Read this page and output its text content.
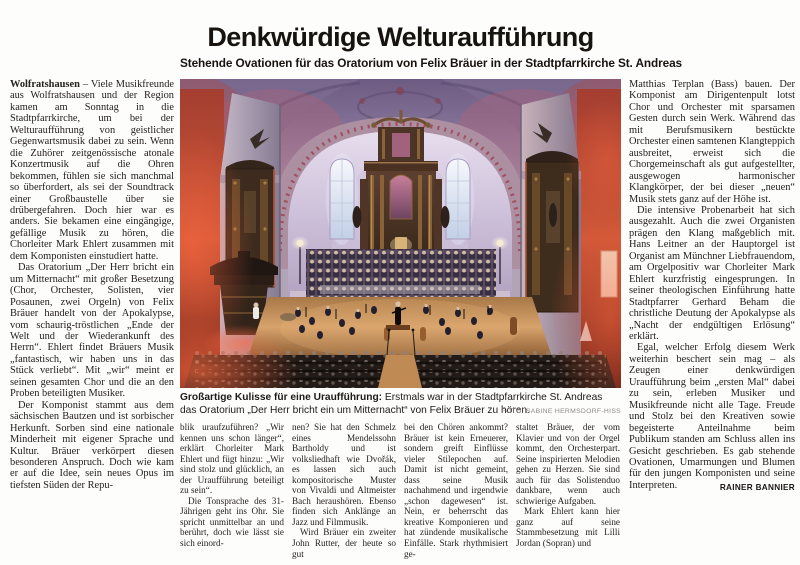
Denkwürdige Welturaufführung
Stehende Ovationen für das Oratorium von Felix Bräuer in der Stadtpfarrkirche St. Andreas

Wolfratshausen – Viele Musikfreunde aus Wolfratshausen und der Region kamen am Sonntag in die Stadtpfarrkirche, um bei der Welturaufführung von geistlicher Gegenwartsmusik dabei zu sein. Wenn die Zuhörer zeitgenössische atonale Konzertmusik auf die Ohren bekommen, fühlen sie sich manchmal so überfordert, als sei der Soundtrack einer Großbaustelle über sie drübergefahren. Doch hier war es anders. Sie bekamen eine eingängige, gefällige Musik zu hören, die Chorleiter Mark Ehlert zusammen mit dem Komponisten einstudiert hatte.

Das Oratorium „Der Herr bricht ein um Mitternacht“ mit großer Besetzung (Chor, Orchester, Solisten, vier Posaunen, zwei Orgeln) von Felix Bräuer handelt von der Apokalypse, vom schaurig-tröstlichen „Ende der Welt und der Wiederankunft des Herrn“. Ehlert findet Bräuers Musik „fantastisch, wir haben uns in das Stück verliebt“. Mit „wir“ meint er seinen gesamten Chor und die an den Proben beteiligten Musiker.

Der Komponist stammt aus dem sächsischen Bautzen und ist sorbischer Herkunft. Sorben sind eine nationale Minderheit mit eigener Sprache und Kultur. Bräuer verkörpert diesen besonderen Anspruch. Doch wie kam er auf die Idee, sein neues Opus im tiefsten Süden der Repu-

Großartige Kulisse für eine Uraufführung: Erstmals war in der Stadtpfarrkirche St. Andreas das Oratorium „Der Herr bricht ein um Mitternacht“ von Felix Bräuer zu hören.
FOTO: SABINE HERMSDORF-HISS

blik uraufzuführen? „Wir kennen uns schon länger“, erklärt Chorleiter Mark Ehlert und fügt hinzu: „Wir sind stolz und glücklich, an der Uraufführung beteiligt zu sein“.

Die Tonsprache des 31-Jährigen geht ins Ohr. Sie spricht unmittelbar an und berührt, doch wie lässt sie sich einord-

nen? Sie hat den Schmelz eines Mendelssohn Bartholdy und ist volksliedhaft wie Dvořák, es lassen sich auch kompositorische Muster von Vivaldi und Altmeister Bach heraushören. Ebenso finden sich Anklänge an Jazz und Filmmusik.

Wird Bräuer ein zweiter John Rutter, der heute so gut

bei den Chören ankommt? Bräuer ist kein Erneuerer, sondern greift Einflüsse vieler Stilepochen auf. Damit ist nicht gemeint, dass seine Musik nachahmend und irgendwie „schon dagewesen“ ist. Nein, er beherrscht das kreative Komponieren und hat zündende musikalische Einfälle. Stark rhythmisiert ge-

staltet Bräuer, der vom Klavier und von der Orgel kommt, den Orchesterpart. Seine inspirierten Melodien gehen zu Herzen. Sie sind auch für das Solistenduo dankbare, wenn auch schwierige Aufgaben.

Mark Ehlert kann hier ganz auf seine Stammbesetzung mit Lilli Jordan (Sopran) und

Matthias Terplan (Bass) bauen. Der Komponist am Dirigentenpult lotst Chor und Orchester mit sparsamen Gesten durch sein Werk. Während das mit Berufsmusikern bestückte Orchester einen samtenen Klangteppich ausbreitet, erweist sich die Chorgemeinschaft als gut aufgestellter, ausgewogen harmonischer Klangkörper, der bei dieser „neuen“ Musik stets ganz auf der Höhe ist.

Die intensive Probenarbeit hat sich ausgezahlt. Auch die zwei Organisten prägen den Klang maßgeblich mit. Hans Leitner an der Hauptorgel ist Organist am Münchner Liebfrauendom, am Orgelpositiv war Chorleiter Mark Ehlert kurzfristig eingesprungen. In seiner theologischen Einführung hatte Stadtpfarrer Gerhard Beham die christliche Deutung der Apokalypse als „Nacht der endgültigen Erlösung“ erklärt.

Egal, welcher Erfolg diesem Werk weiterhin beschert sein mag – als Zeugen einer denkwürdigen Uraufführung beim „ersten Mal“ dabei zu sein, erleben Musiker und Musikfreunde nicht alle Tage. Freude und Stolz bei den Kreativen sowie begeisterte Anteilnahme beim Publikum standen am Schluss allen ins Gesicht geschrieben. Es gab stehende Ovationen, Umarmungen und Blumen für den jungen Komponisten und seine Interpreten.	RAINER BANNIER
